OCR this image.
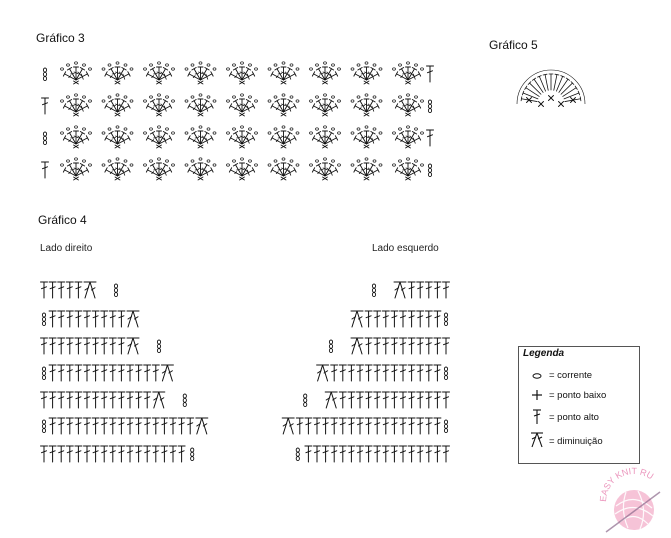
Gráfico 3	Gráfico 5
Gráfico 4
Lado direito	Lado esquerdo
Legenda
= corrente
= ponto baixo
= ponto alto
= diminuição
EASY KNIT RU
